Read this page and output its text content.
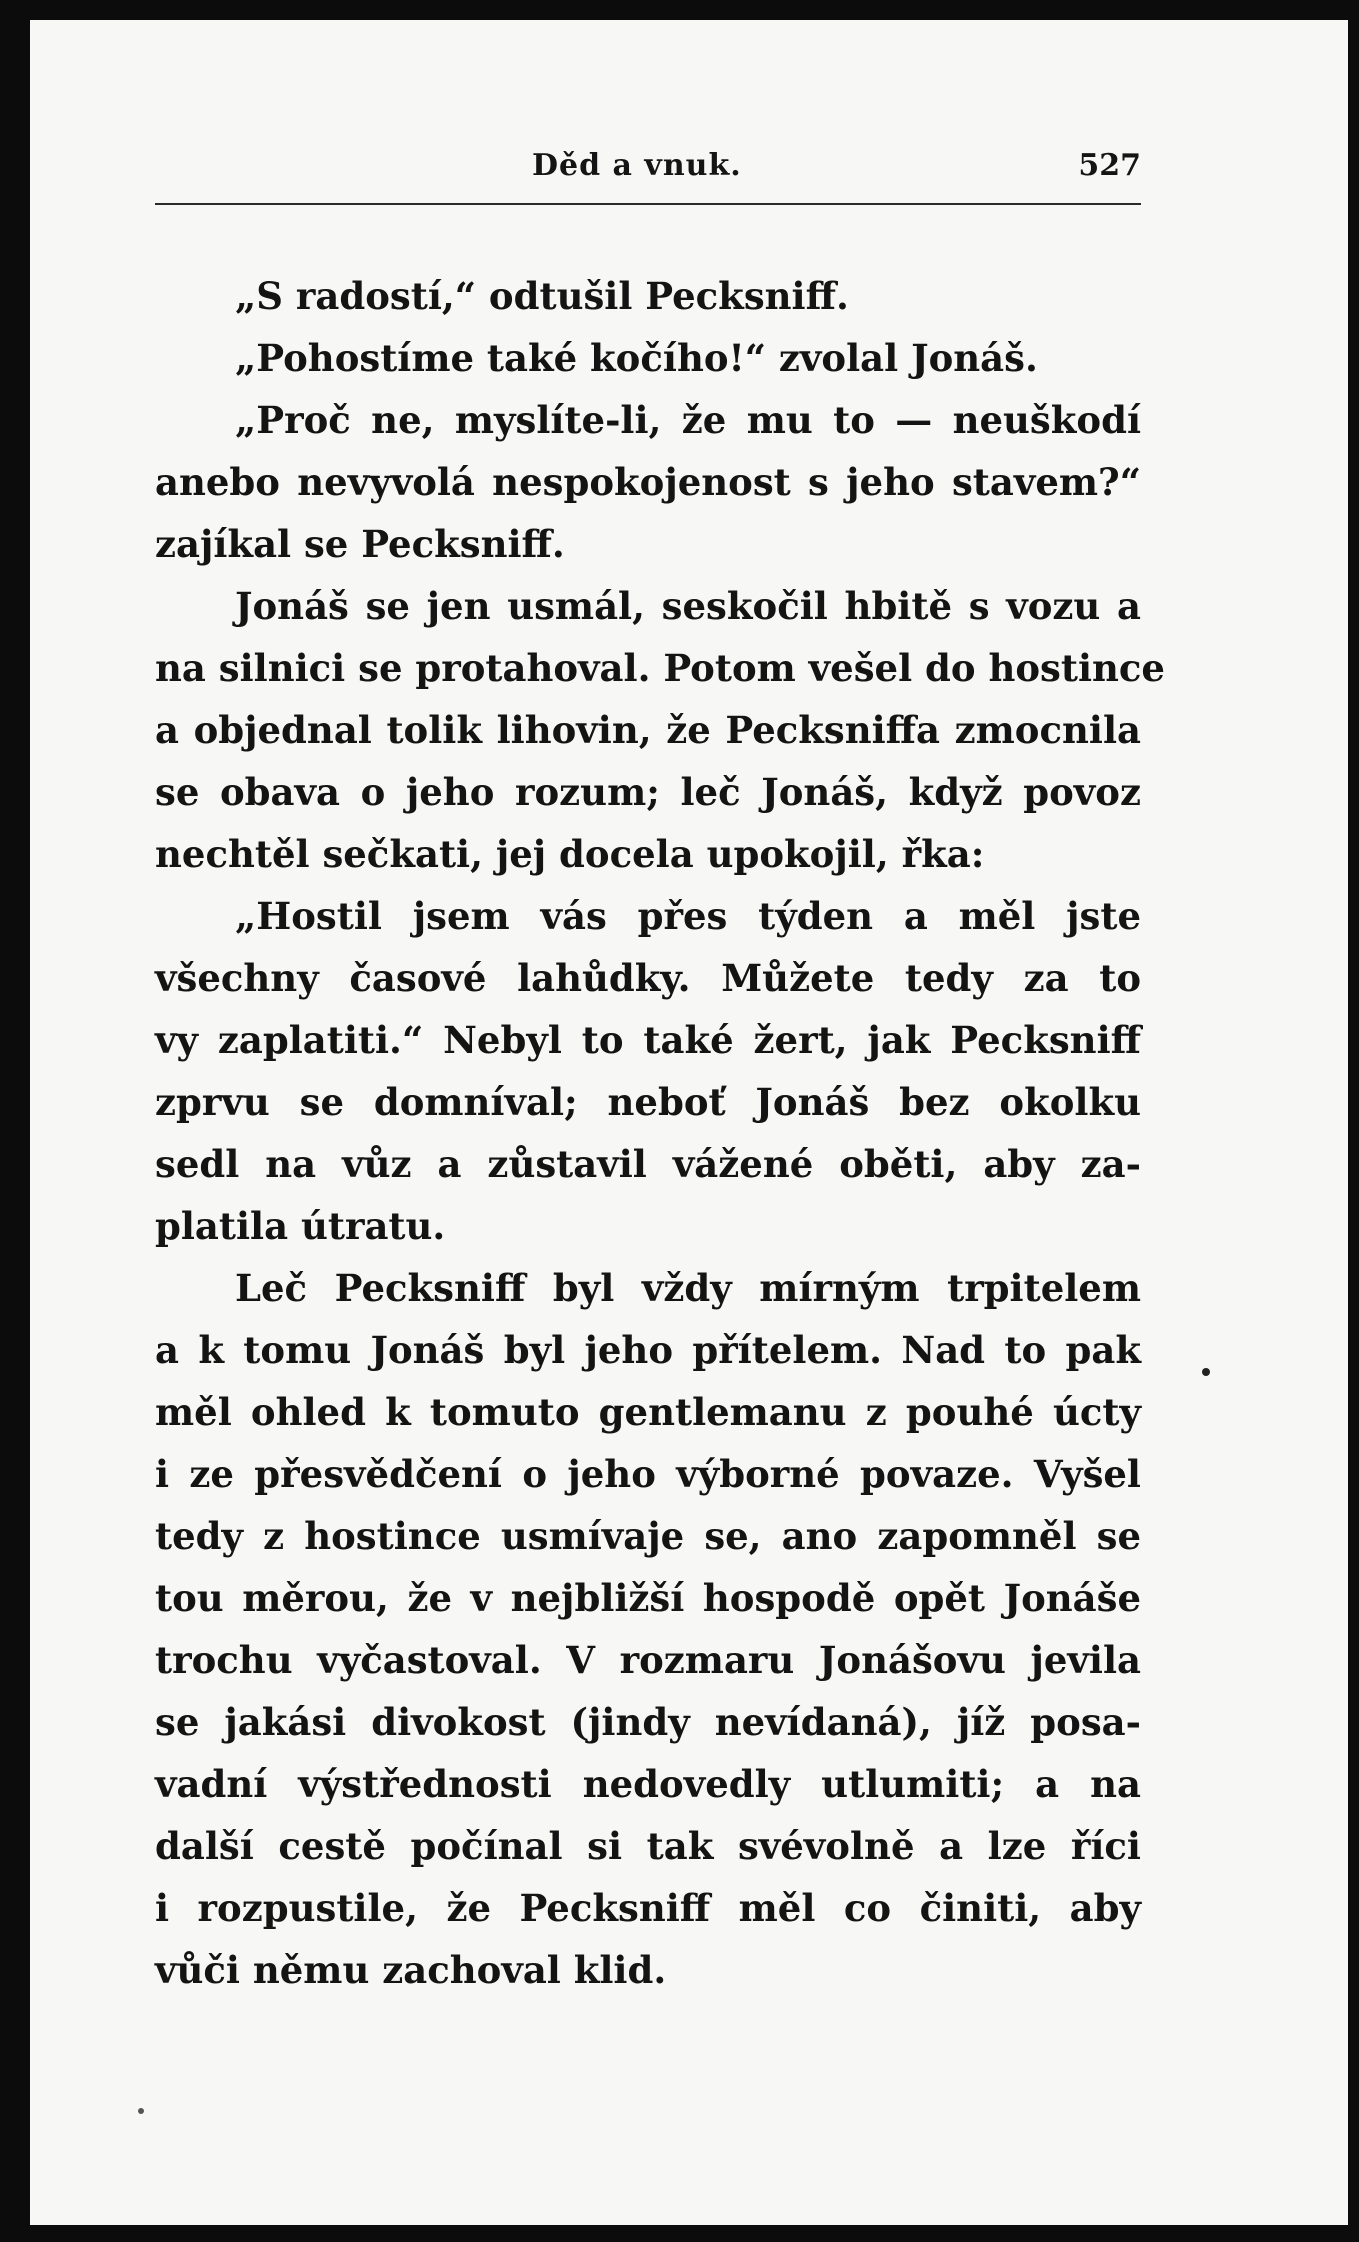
Děd a vnuk.	527
„S radostí,“ odtušil Pecksniff.
„Pohostíme také kočího!“ zvolal Jonáš.
„Proč ne, myslíte-li, že mu to — neuškodí
anebo nevyvolá nespokojenost s jeho stavem?“
zajíkal se Pecksniff.
Jonáš se jen usmál, seskočil hbitě s vozu a
na silnici se protahoval. Potom vešel do hostince
a objednal tolik lihovin, že Pecksniffa zmocnila
se obava o jeho rozum; leč Jonáš, když povoz
nechtěl sečkati, jej docela upokojil, řka:
„Hostil jsem vás přes týden a měl jste
všechny časové lahůdky. Můžete tedy za to
vy zaplatiti.“ Nebyl to také žert, jak Pecksniff
zprvu se domníval; neboť Jonáš bez okolku
sedl na vůz a zůstavil vážené oběti, aby za-
platila útratu.
Leč Pecksniff byl vždy mírným trpitelem
a k tomu Jonáš byl jeho přítelem. Nad to pak
měl ohled k tomuto gentlemanu z pouhé úcty
i ze přesvědčení o jeho výborné povaze. Vyšel
tedy z hostince usmívaje se, ano zapomněl se
tou měrou, že v nejbližší hospodě opět Jonáše
trochu vyčastoval. V rozmaru Jonášovu jevila
se jakási divokost (jindy nevídaná), jíž posa-
vadní výstřednosti nedovedly utlumiti; a na
další cestě počínal si tak svévolně a lze říci
i rozpustile, že Pecksniff měl co činiti, aby
vůči němu zachoval klid.
